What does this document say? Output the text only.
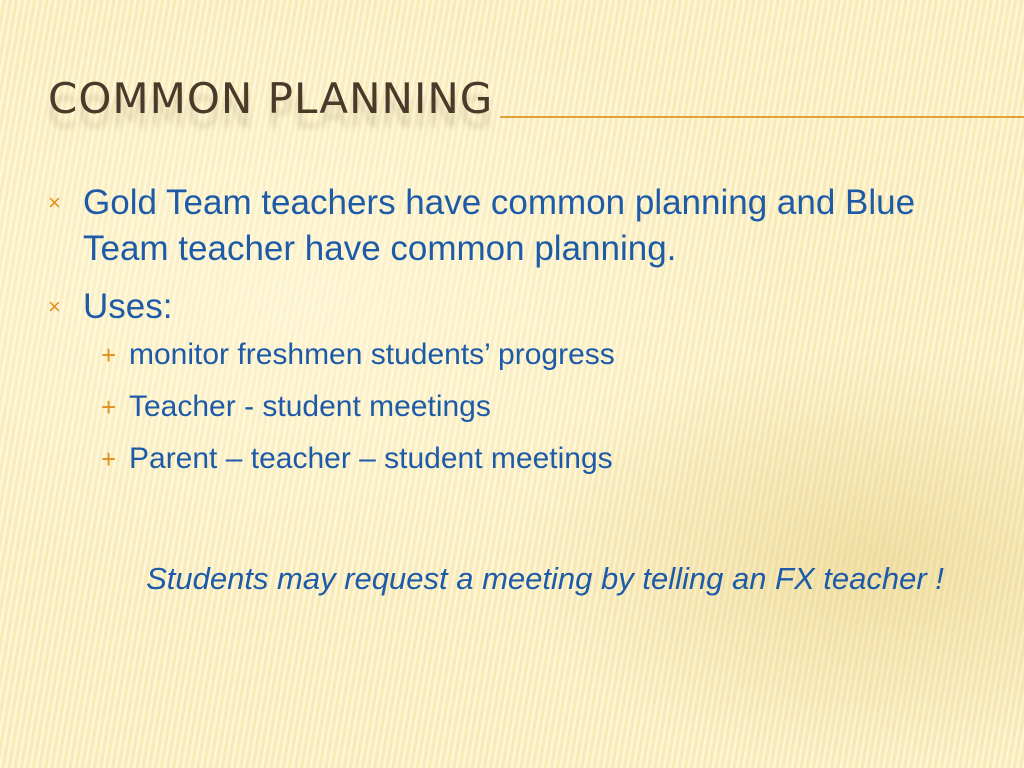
COMMON PLANNING
× Gold Team teachers have common planning and Blue Team teacher have common planning.
× Uses:
+ monitor freshmen students’ progress
+ Teacher - student meetings
+ Parent – teacher – student meetings

Students may request a meeting by telling an FX teacher !
